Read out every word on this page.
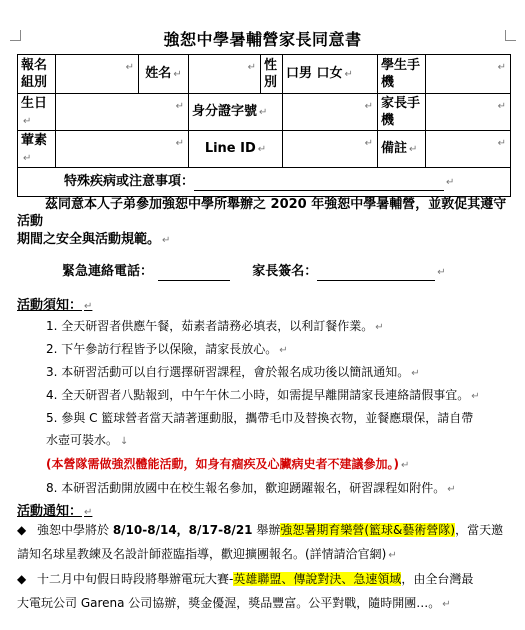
強恕中學暑輔營家長同意書
報名組別	↵	姓名 ↵	↵	性別	口男 口女 ↵	學生手機	↵

生日↵	↵		身分證字號 ↵		↵	家長手機	↵

葷素↵	↵		Line ID ↵		↵	備註 ↵	↵

特殊疾病或注意事項： ↵							
茲同意本人子弟參加強恕中學所舉辦之 2020 年強恕中學暑輔營，並敦促其遵守活動
期間之安全與活動規範。 ↵
緊急連絡電話：	家長簽名：	↵
活動須知： ↵
1. 全天研習者供應午餐，茹素者請務必填表，以利訂餐作業。 ↵
2. 下午參訪行程皆予以保險，請家長放心。 ↵
3. 本研習活動可以自行選擇研習課程，會於報名成功後以簡訊通知。 ↵
4. 全天研習者八點報到，中午午休二小時，如需提早離開請家長連絡請假事宜。 ↵
5. 參與 C 籃球營者當天請著運動服，攜帶毛巾及替換衣物，並餐應環保，請自帶
水壺可裝水。 ↓
(本營隊需做強烈體能活動，如身有痼疾及心臟病史者不建議參加。) ↵
8. 本研習活動開放國中在校生報名參加，歡迎踴躍報名，研習課程如附件。 ↵
活動通知： ↵
◆ 強恕中學將於 8/10-8/14，8/17-8/21 舉辦強恕暑期育樂營(籃球&藝術營隊)，當天邀
請知名球星教練及名設計師蒞臨指導，歡迎擴團報名。(詳情請洽官網) ↵
◆ 十二月中旬假日時段將舉辦電玩大賽-英雄聯盟、傳說對決、急速領域，由全台灣最
大電玩公司 Garena 公司協辦，獎金優渥，獎品豐富。公平對戰，隨時開團…。 ↵
